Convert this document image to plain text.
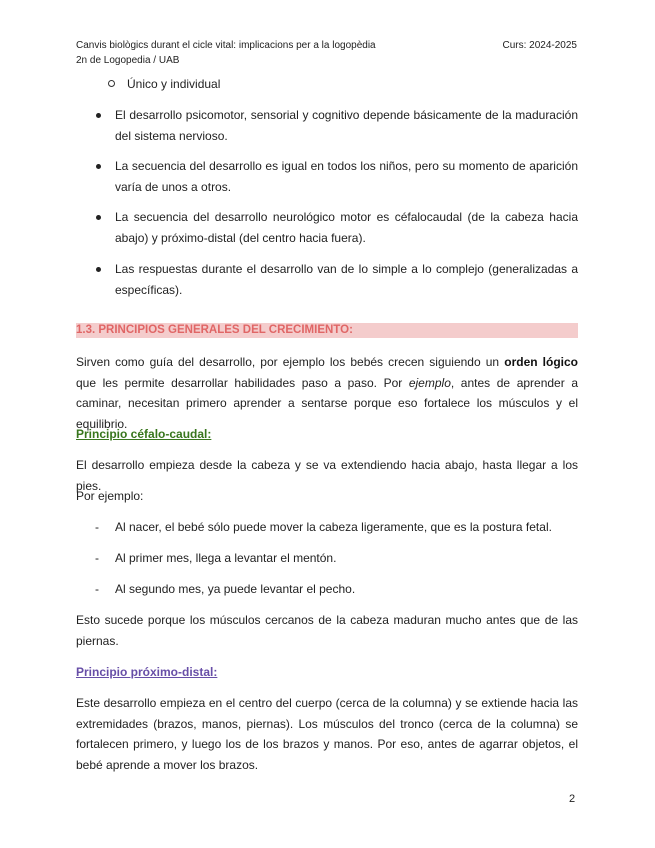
Canvis biològics durant el cicle vital: implicacions per a la logopèdia	Curs: 2024-2025
2n de Logopedia / UAB
Único y individual
El desarrollo psicomotor, sensorial y cognitivo depende básicamente de la maduración del sistema nervioso.
La secuencia del desarrollo es igual en todos los niños, pero su momento de aparición varía de unos a otros.
La secuencia del desarrollo neurológico motor es céfalocaudal (de la cabeza hacia abajo) y próximo-distal (del centro hacia fuera).
Las respuestas durante el desarrollo van de lo simple a lo complejo (generalizadas a específicas).
1.3. PRINCIPIOS GENERALES DEL CRECIMIENTO:
Sirven como guía del desarrollo, por ejemplo los bebés crecen siguiendo un orden lógico que les permite desarrollar habilidades paso a paso. Por ejemplo, antes de aprender a caminar, necesitan primero aprender a sentarse porque eso fortalece los músculos y el equilibrio.
Principio céfalo-caudal:
El desarrollo empieza desde la cabeza y se va extendiendo hacia abajo, hasta llegar a los pies.
Por ejemplo:
- Al nacer, el bebé sólo puede mover la cabeza ligeramente, que es la postura fetal.
- Al primer mes, llega a levantar el mentón.
- Al segundo mes, ya puede levantar el pecho.
Esto sucede porque los músculos cercanos de la cabeza maduran mucho antes que de las piernas.
Principio próximo-distal:
Este desarrollo empieza en el centro del cuerpo (cerca de la columna) y se extiende hacia las extremidades (brazos, manos, piernas). Los músculos del tronco (cerca de la columna) se fortalecen primero, y luego los de los brazos y manos. Por eso, antes de agarrar objetos, el bebé aprende a mover los brazos.
2
